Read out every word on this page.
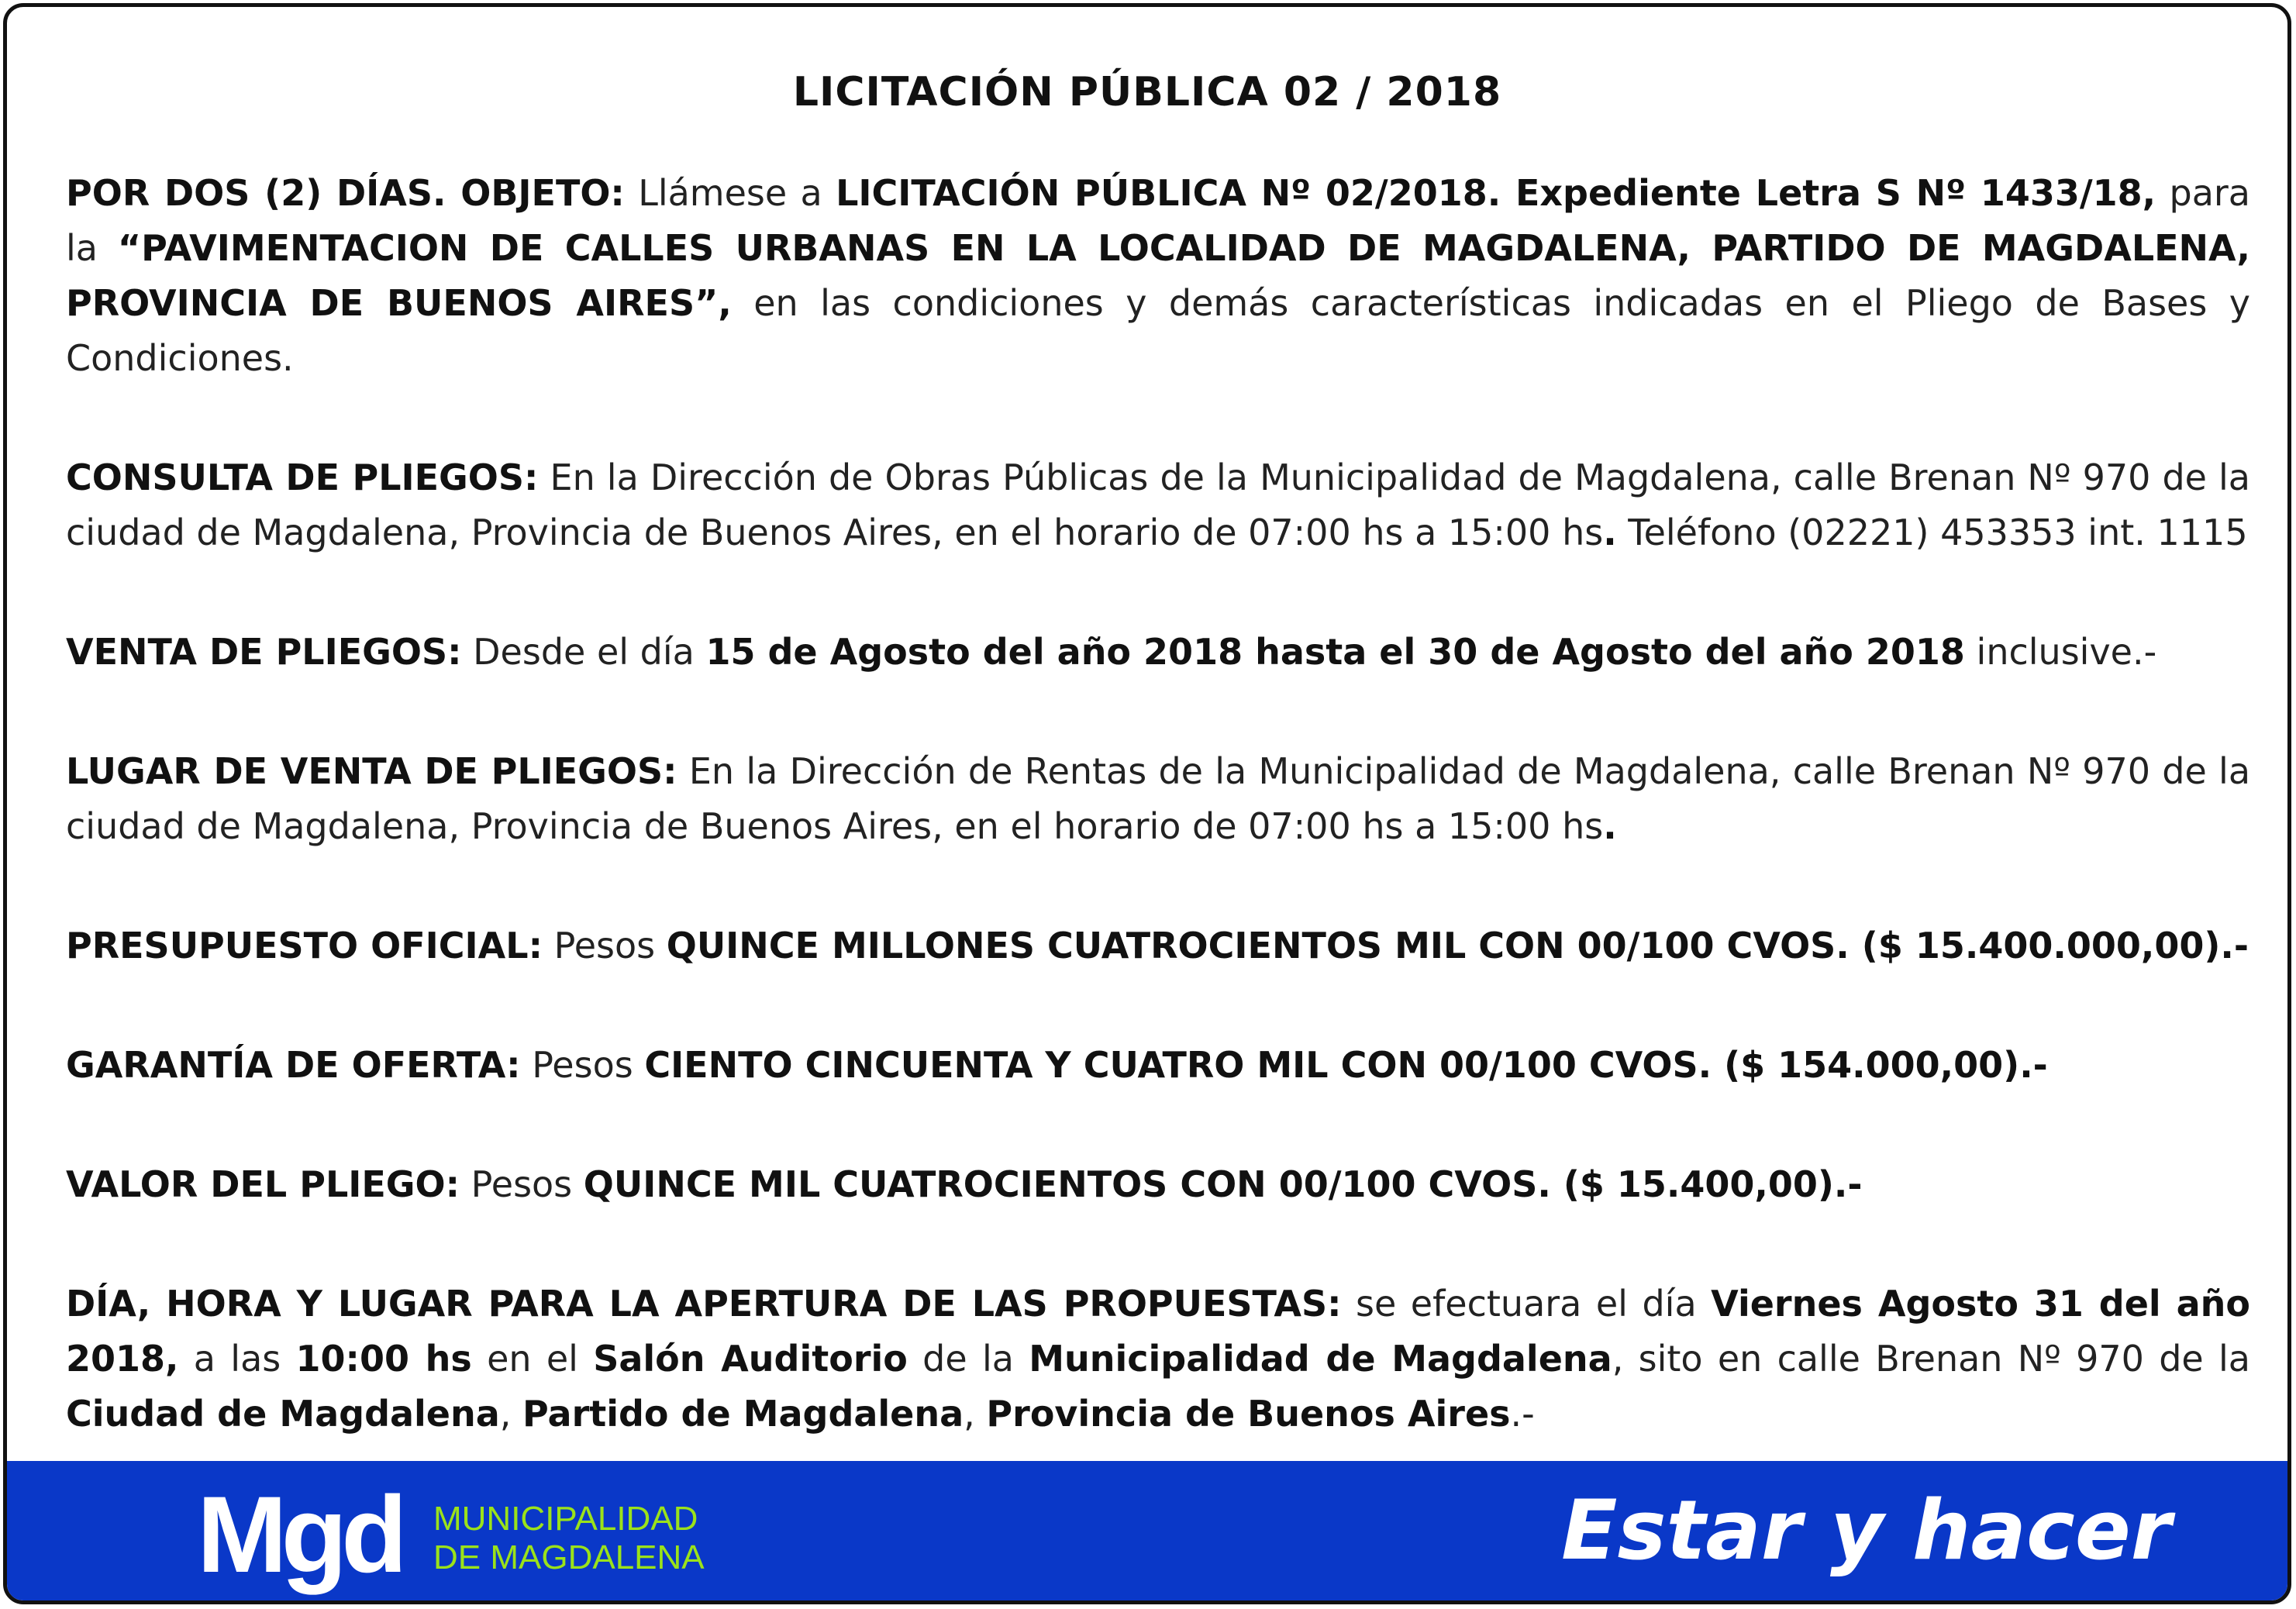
LICITACIÓN PÚBLICA 02 / 2018

POR DOS (2) DÍAS. OBJETO: Llámese a LICITACIÓN PÚBLICA Nº 02/2018. Expediente Letra S Nº 1433/18, para la “PAVIMENTACION DE CALLES URBANAS EN LA LOCALIDAD DE MAGDALENA, PARTIDO DE MAGDALENA, PROVINCIA DE BUENOS AIRES”, en las condiciones y demás características indicadas en el Pliego de Bases y Condiciones.

CONSULTA DE PLIEGOS: En la Dirección de Obras Públicas de la Municipalidad de Magdalena, calle Brenan Nº 970 de la ciudad de Magdalena, Provincia de Buenos Aires, en el horario de 07:00 hs a 15:00 hs. Teléfono (02221) 453353 int. 1115

VENTA DE PLIEGOS: Desde el día 15 de Agosto del año 2018 hasta el 30 de Agosto del año 2018 inclusive.-

LUGAR DE VENTA DE PLIEGOS: En la Dirección de Rentas de la Municipalidad de Magdalena, calle Brenan Nº 970 de la ciudad de Magdalena, Provincia de Buenos Aires, en el horario de 07:00 hs a 15:00 hs.

PRESUPUESTO OFICIAL: Pesos QUINCE MILLONES CUATROCIENTOS MIL CON 00/100 CVOS. ($ 15.400.000,00).-

GARANTÍA DE OFERTA: Pesos CIENTO CINCUENTA Y CUATRO MIL CON 00/100 CVOS. ($ 154.000,00).-

VALOR DEL PLIEGO: Pesos QUINCE MIL CUATROCIENTOS CON 00/100 CVOS. ($ 15.400,00).-

DÍA, HORA Y LUGAR PARA LA APERTURA DE LAS PROPUESTAS: se efectuara el día Viernes Agosto 31 del año 2018, a las 10:00 hs en el Salón Auditorio de la Municipalidad de Magdalena, sito en calle Brenan Nº 970 de la Ciudad de Magdalena, Partido de Magdalena, Provincia de Buenos Aires.-

Mgd MUNICIPALIDAD
DE MAGDALENA	Estar y hacer
